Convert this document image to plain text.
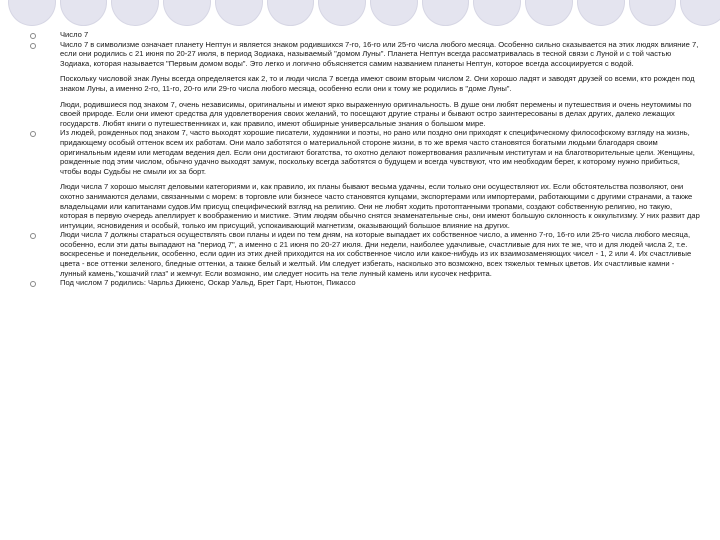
Число 7

Число 7 в символизме означает планету Нептун и является знаком родившихся 7-го, 16-го или 25-го числа любого месяца. Особенно сильно сказывается на этих людях влияние 7, если они родились с 21 июня по 20-27 июля, в период Зодиака, называемый "домом Луны". Планета Нептун всегда рассматривалась в тесной связи с Луной и с той частью Зодиака, которая называется "Первым домом воды". Это легко и логично объясняется самим названием планеты Нептун, которое всегда ассоциируется с водой.

Поскольку числовой знак Луны всегда определяется как 2, то и люди числа 7 всегда имеют своим вторым числом 2. Они хорошо ладят и заводят друзей со всеми, кто рожден под знаком Луны, а именно 2-го, 11-го, 20-го или 29-го числа любого месяца, особенно если они к тому же родились в "доме Луны".

Люди, родившиеся под знаком 7, очень независимы, оригинальны и имеют ярко выраженную оригинальность. В душе они любят перемены и путешествия и очень неутомимы по своей природе. Если они имеют средства для удовлетворения своих желаний, то посещают другие страны и бывают остро заинтересованы в делах других, далеко лежащих государств. Любят книги о путешественниках и, как правило, имеют обширные универсальные знания о большом мире.

Из людей, рожденных под знаком 7, часто выходят хорошие писатели, художники и поэты, но рано или поздно они приходят к специфическому философскому взгляду на жизнь, придающему особый оттенок всем их работам. Они мало заботятся о материальной стороне жизни, в то же время часто становятся богатыми людьми благодаря своим оригинальным идеям или методам ведения дел. Если они достигают богатства, то охотно делают пожертвования различным институтам и на благотворительные цели. Женщины, рожденные под этим числом, обычно удачно выходят замуж, поскольку всегда заботятся о будущем и всегда чувствуют, что им необходим берег, к которому нужно прибиться, чтобы воды Судьбы не смыли их за борт.

Люди числа 7 хорошо мыслят деловыми категориями и, как правило, их планы бывают весьма удачны, если только они осуществляют их. Если обстоятельства позволяют, они охотно занимаются делами, связанными с морем: в торговле или бизнесе часто становятся купцами, экспортерами или импортерами, работающими с другими странами, а также владельцами или капитанами судов.Им присущ специфический взгляд на религию. Они не любят ходить протоптанными тропами, создают собственную религию, но такую, которая в первую очередь апеллирует к воображению и мистике. Этим людям обычно снятся знаменательные сны, они имеют большую склонность к оккультизму. У них развит дар интуиции, ясновидения и особый, только им присущий, успокаивающий магнетизм, оказывающий большое влияние на других.

Люди числа 7 должны стараться осуществлять свои планы и идеи по тем дням, на которые выпадает их собственное число, а именно 7-го, 16-го или 25-го числа любого месяца, особенно, если эти даты выпадают на "период 7", а именно с 21 июня по 20-27 июля. Дни недели, наиболее удачливые, счастливые для них те же, что и для людей числа 2, т.е. воскресенье и понедельник, особенно, если один из этих дней приходится на их собственное число или какое-нибудь из их взаимозаменяющих чисел - 1, 2 или 4. Их счастливые цвета - все оттенки зеленого, бледные оттенки, а также белый и желтый. Им следует избегать, насколько это возможно, всех тяжелых темных цветов. Их счастливые камни - лунный камень,"кошачий глаз" и жемчуг. Если возможно, им следует носить на теле лунный камень или кусочек нефрита.

Под числом 7 родились: Чарльз Диккенс, Оскар Уальд, Брет Гарт, Ньютон, Пикассо
